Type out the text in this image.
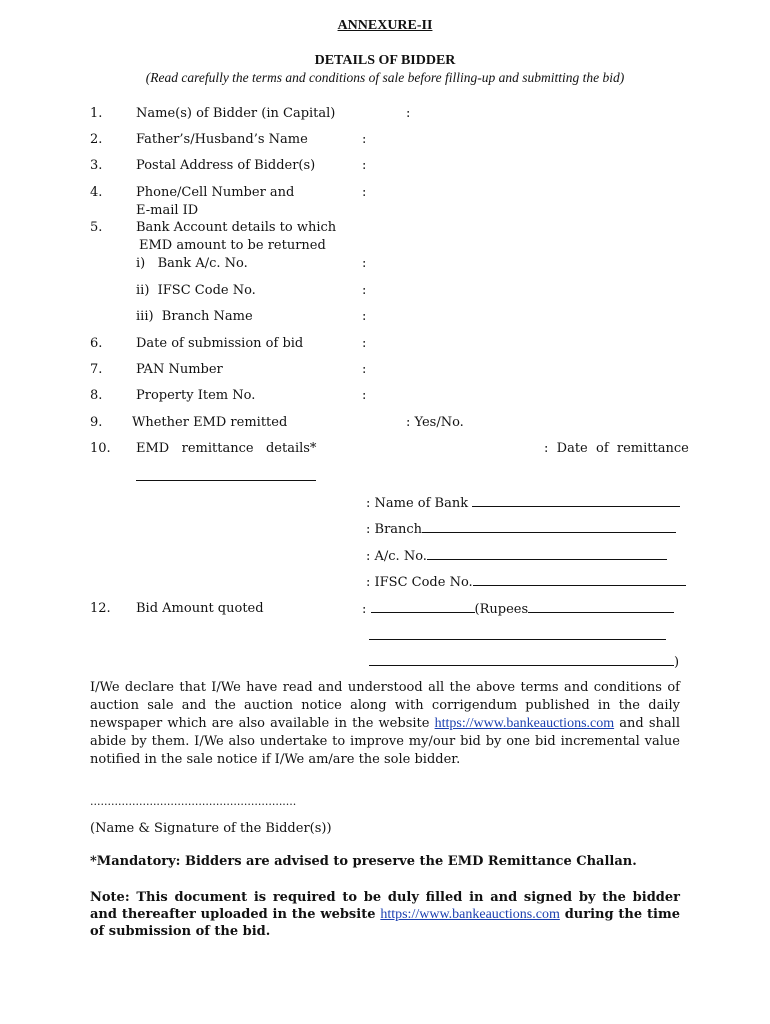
ANNEXURE-II
DETAILS OF BIDDER
(Read carefully the terms and conditions of sale before filling-up and submitting the bid)
1.	Name(s) of Bidder (in Capital)	:
2.	Father’s/Husband’s Name	:
3.	Postal Address of Bidder(s)	:
4.	Phone/Cell Number and
E-mail ID
:
5.	Bank Account details to which
EMD amount to be returned
i)   Bank A/c. No.	:
ii)  IFSC Code No.	:
iii)  Branch Name	:
6.	Date of submission of bid	:
7.	PAN Number	:
8.	Property Item No.	:
9. Whether EMD remitted	: Yes/No.
10. EMD   remittance   details*	:  Date  of  remittance
: Name of Bank
: Branch
: A/c. No.
: IFSC Code No.
12. Bid Amount quoted	:	(Rupees
)
I/We declare that I/We have read and understood all the above terms and conditions of auction sale and the auction notice along with corrigendum published in the daily newspaper which are also available in the website https://www.bankeauctions.com and shall abide by them. I/We also undertake to improve my/our bid by one bid incremental value notified in the sale notice if I/We am/are the sole bidder.
...........................................................
(Name & Signature of the Bidder(s))
*Mandatory: Bidders are advised to preserve the EMD Remittance Challan.
Note: This document is required to be duly filled in and signed by the bidder and thereafter uploaded in the website https://www.bankeauctions.com during the time of submission of the bid.
